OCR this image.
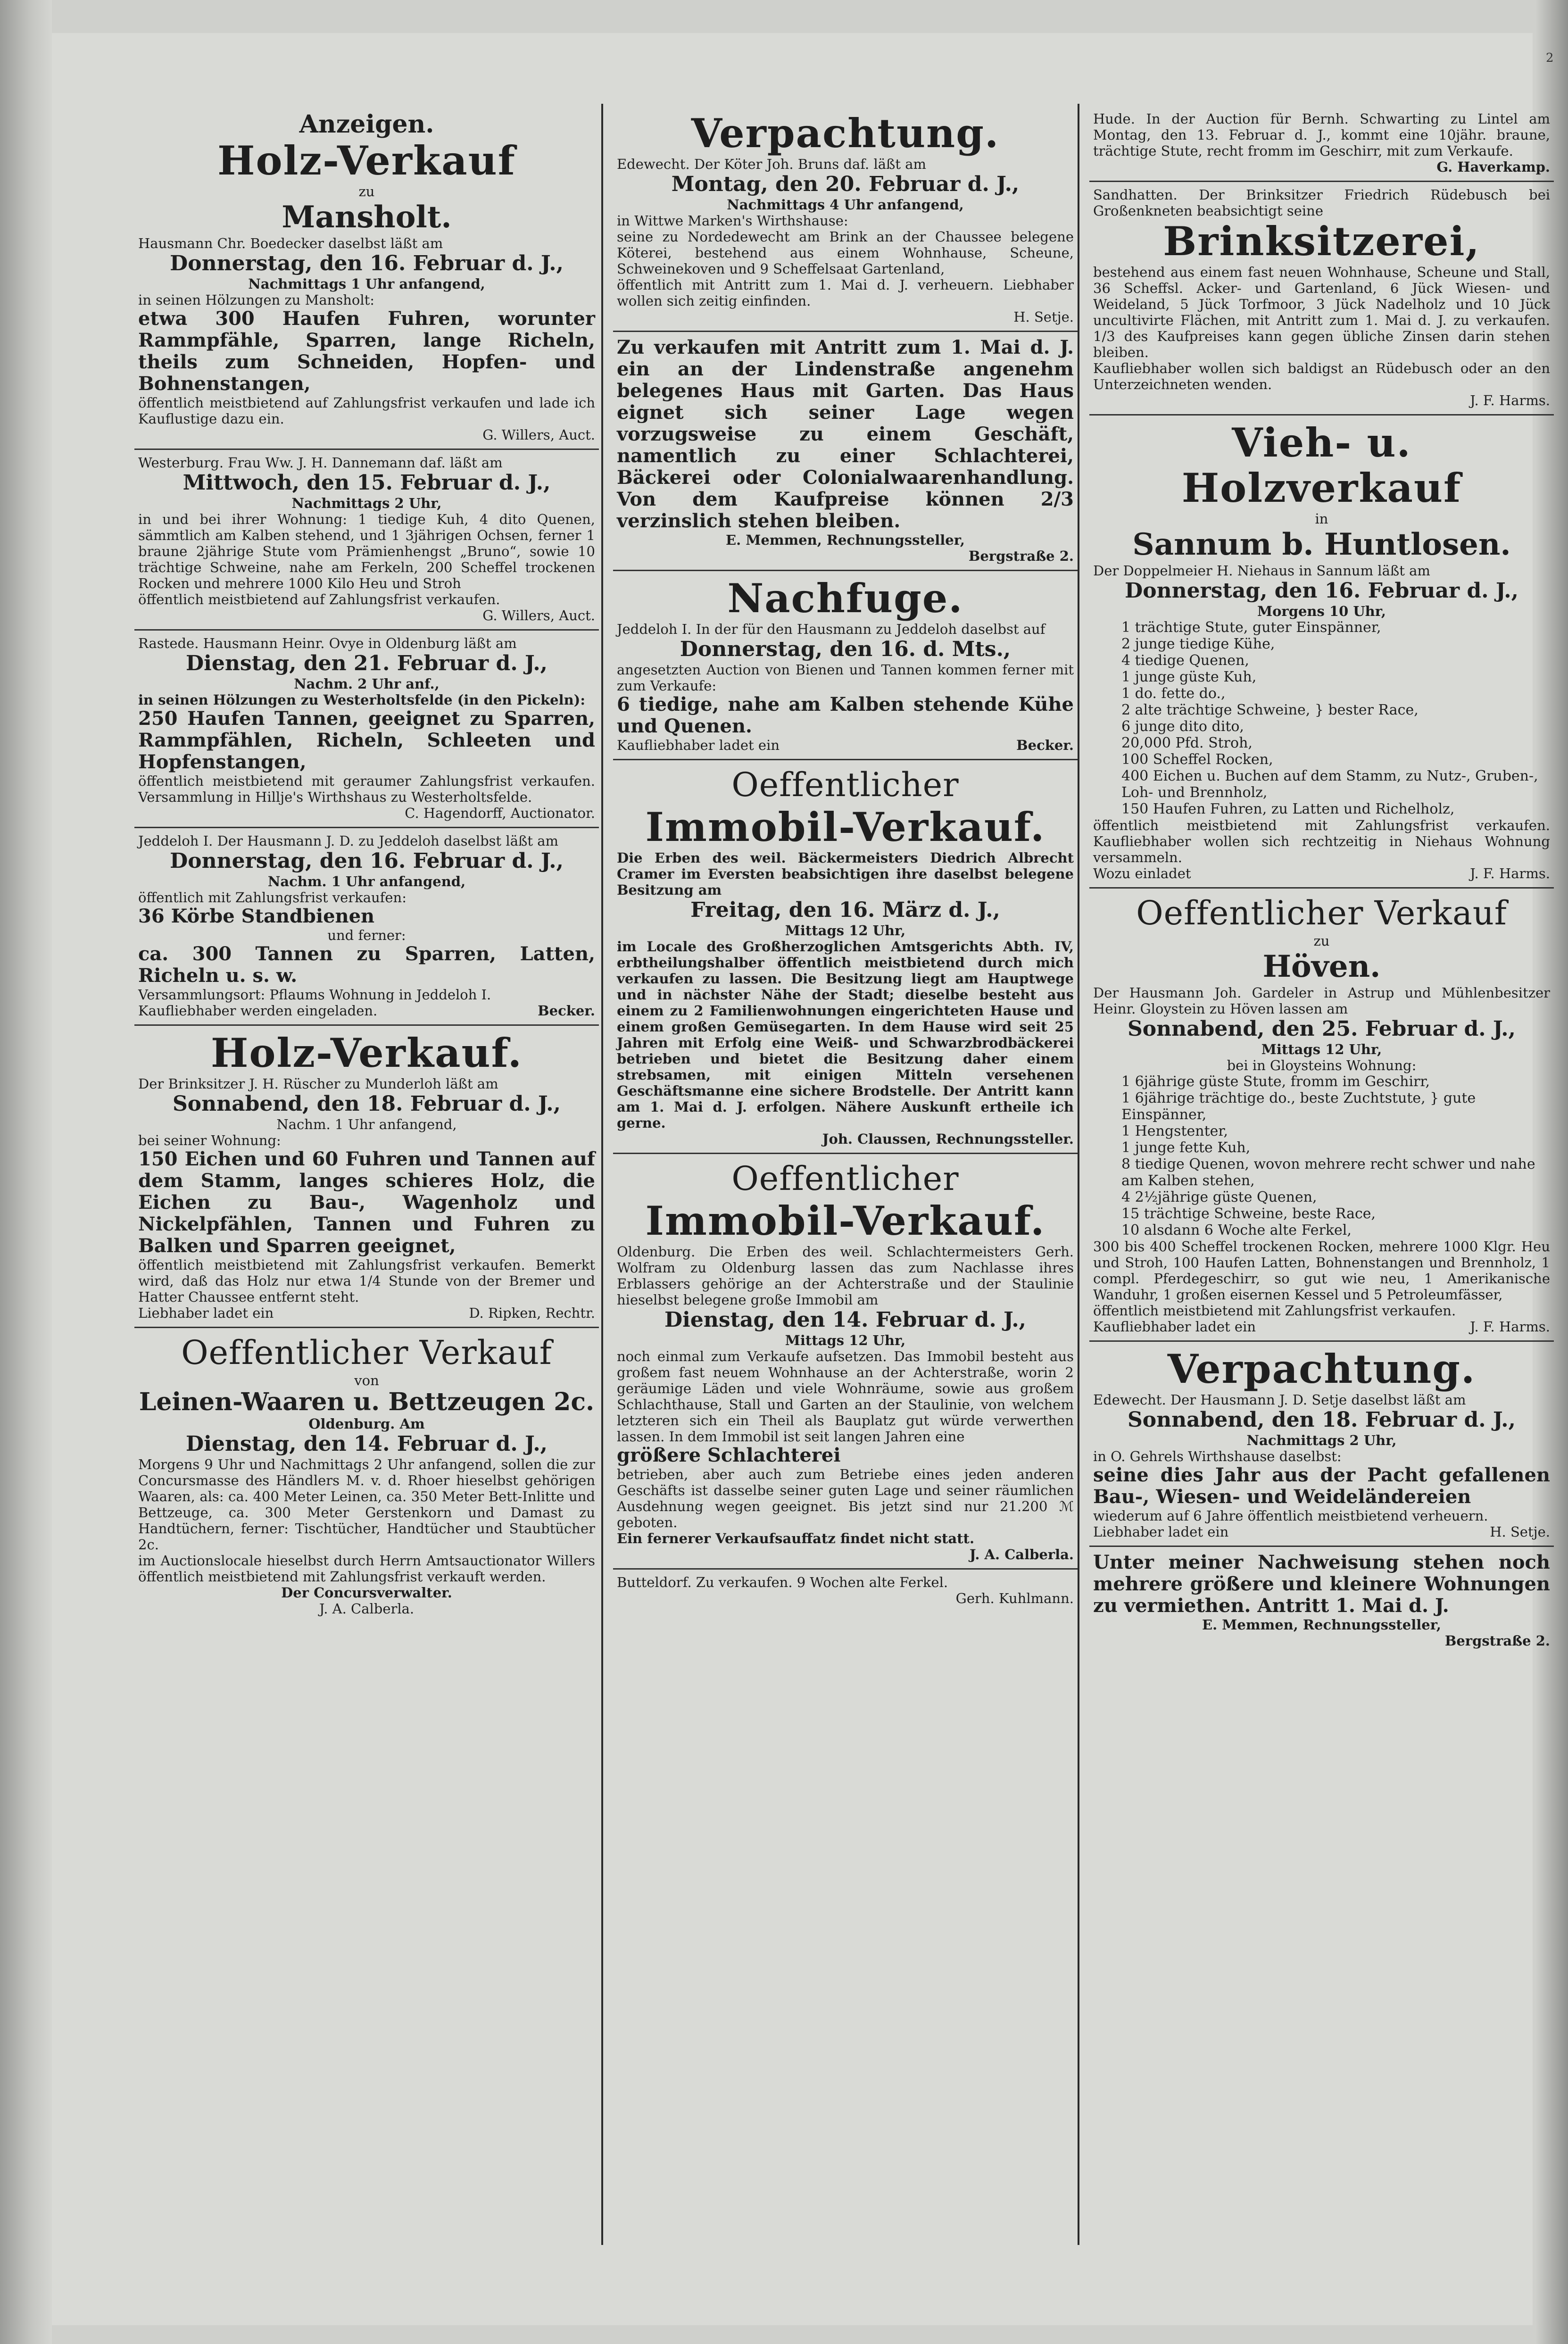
2

Anzeigen.

Holz-Verkauf

zu

Mansholt.

Hausmann Chr. Boedecker daselbst läßt am

Donnerstag, den 16. Februar d. J.,

Nachmittags 1 Uhr anfangend,

in seinen Hölzungen zu Mansholt:

etwa 300 Haufen Fuhren, worunter Rammpfähle, Sparren, lange Richeln, theils zum Schneiden, Hopfen- und Bohnenstangen,

öffentlich meistbietend auf Zahlungsfrist verkaufen und lade ich Kauflustige dazu ein.

G. Willers, Auct.

Westerburg. Frau Ww. J. H. Dannemann daf. läßt am

Mittwoch, den 15. Februar d. J.,

Nachmittags 2 Uhr,

in und bei ihrer Wohnung: 1 tiedige Kuh, 4 dito Quenen, sämmtlich am Kalben stehend, und 1 3jährigen Ochsen, ferner 1 braune 2jährige Stute vom Prämienhengst „Bruno“, sowie 10 trächtige Schweine, nahe am Ferkeln, 200 Scheffel trockenen Rocken und mehrere 1000 Kilo Heu und Stroh

öffentlich meistbietend auf Zahlungsfrist verkaufen.

G. Willers, Auct.

Rastede. Hausmann Heinr. Ovye in Oldenburg läßt am

Dienstag, den 21. Februar d. J.,

Nachm. 2 Uhr anf.,

in seinen Hölzungen zu Westerholtsfelde (in den Pickeln):

250 Haufen Tannen, geeignet zu Sparren, Rammpfählen, Richeln, Schleeten und Hopfenstangen,

öffentlich meistbietend mit geraumer Zahlungsfrist verkaufen. Versammlung in Hillje's Wirthshaus zu Westerholtsfelde.

C. Hagendorff, Auctionator.

Jeddeloh I. Der Hausmann J. D. zu Jeddeloh daselbst läßt am

Donnerstag, den 16. Februar d. J.,

Nachm. 1 Uhr anfangend,

öffentlich mit Zahlungsfrist verkaufen:

36 Körbe Standbienen

und ferner:

ca. 300 Tannen zu Sparren, Latten, Richeln u. s. w.

Versammlungsort: Pflaums Wohnung in Jeddeloh I.

Kaufliebhaber werden eingeladen.	Becker.

Holz-Verkauf.

Der Brinksitzer J. H. Rüscher zu Munderloh läßt am

Sonnabend, den 18. Februar d. J.,

Nachm. 1 Uhr anfangend,

bei seiner Wohnung:

150 Eichen und 60 Fuhren und Tannen auf dem Stamm, langes schieres Holz, die Eichen zu Bau-, Wagenholz und Nickelpfählen, Tannen und Fuhren zu Balken und Sparren geeignet,

öffentlich meistbietend mit Zahlungsfrist verkaufen. Bemerkt wird, daß das Holz nur etwa 1/4 Stunde von der Bremer und Hatter Chaussee entfernt steht.

Liebhaber ladet ein	D. Ripken, Rechtr.

Oeffentlicher Verkauf

von

Leinen-Waaren u. Bettzeugen 2c.

Oldenburg. Am

Dienstag, den 14. Februar d. J.,

Morgens 9 Uhr und Nachmittags 2 Uhr anfangend, sollen die zur Concursmasse des Händlers M. v. d. Rhoer hieselbst gehörigen Waaren, als: ca. 400 Meter Leinen, ca. 350 Meter Bett-Inlitte und Bettzeuge, ca. 300 Meter Gerstenkorn und Damast zu Handtüchern, ferner: Tischtücher, Handtücher und Staubtücher 2c.

im Auctionslocale hieselbst durch Herrn Amtsauctionator Willers öffentlich meistbietend mit Zahlungsfrist verkauft werden.

Der Concursverwalter.

J. A. Calberla.

Verpachtung.

Edewecht. Der Köter Joh. Bruns daf. läßt am

Montag, den 20. Februar d. J.,

Nachmittags 4 Uhr anfangend,

in Wittwe Marken's Wirthshause:

seine zu Nordedewecht am Brink an der Chaussee belegene Köterei, bestehend aus einem Wohnhause, Scheune, Schweinekoven und 9 Scheffelsaat Gartenland,

öffentlich mit Antritt zum 1. Mai d. J. verheuern. Liebhaber wollen sich zeitig einfinden.

H. Setje.

Zu verkaufen mit Antritt zum 1. Mai d. J. ein an der Lindenstraße angenehm belegenes Haus mit Garten. Das Haus eignet sich seiner Lage wegen vorzugsweise zu einem Geschäft, namentlich zu einer Schlachterei, Bäckerei oder Colonialwaarenhandlung. Von dem Kaufpreise können 2/3 verzinslich stehen bleiben.

E. Memmen, Rechnungssteller,

Bergstraße 2.

Nachfuge.

Jeddeloh I. In der für den Hausmann zu Jeddeloh daselbst auf

Donnerstag, den 16. d. Mts.,

angesetzten Auction von Bienen und Tannen kommen ferner mit zum Verkaufe:

6 tiedige, nahe am Kalben stehende Kühe und Quenen.

Kaufliebhaber ladet ein	Becker.

Oeffentlicher

Immobil-Verkauf.

Die Erben des weil. Bäckermeisters Diedrich Albrecht Cramer im Eversten beabsichtigen ihre daselbst belegene Besitzung am

Freitag, den 16. März d. J.,

Mittags 12 Uhr,

im Locale des Großherzoglichen Amtsgerichts Abth. IV, erbtheilungshalber öffentlich meistbietend durch mich verkaufen zu lassen. Die Besitzung liegt am Hauptwege und in nächster Nähe der Stadt; dieselbe besteht aus einem zu 2 Familienwohnungen eingerichteten Hause und einem großen Gemüsegarten. In dem Hause wird seit 25 Jahren mit Erfolg eine Weiß- und Schwarzbrodbäckerei betrieben und bietet die Besitzung daher einem strebsamen, mit einigen Mitteln versehenen Geschäftsmanne eine sichere Brodstelle. Der Antritt kann am 1. Mai d. J. erfolgen. Nähere Auskunft ertheile ich gerne.

Joh. Claussen, Rechnungssteller.

Oeffentlicher

Immobil-Verkauf.

Oldenburg. Die Erben des weil. Schlachtermeisters Gerh. Wolfram zu Oldenburg lassen das zum Nachlasse ihres Erblassers gehörige an der Achterstraße und der Staulinie hieselbst belegene große Immobil am

Dienstag, den 14. Februar d. J.,

Mittags 12 Uhr,

noch einmal zum Verkaufe aufsetzen. Das Immobil besteht aus großem fast neuem Wohnhause an der Achterstraße, worin 2 geräumige Läden und viele Wohnräume, sowie aus großem Schlachthause, Stall und Garten an der Staulinie, von welchem letzteren sich ein Theil als Bauplatz gut würde verwerthen lassen. In dem Immobil ist seit langen Jahren eine

größere Schlachterei

betrieben, aber auch zum Betriebe eines jeden anderen Geschäfts ist dasselbe seiner guten Lage und seiner räumlichen Ausdehnung wegen geeignet. Bis jetzt sind nur 21.200 ℳ geboten.

Ein fernerer Verkaufsauffatz findet nicht statt.

J. A. Calberla.

Butteldorf. Zu verkaufen. 9 Wochen alte Ferkel.

Gerh. Kuhlmann.

Hude. In der Auction für Bernh. Schwarting zu Lintel am Montag, den 13. Februar d. J., kommt eine 10jähr. braune, trächtige Stute, recht fromm im Geschirr, mit zum Verkaufe.

G. Haverkamp.

Sandhatten. Der Brinksitzer Friedrich Rüdebusch bei Großenkneten beabsichtigt seine

Brinksitzerei,

bestehend aus einem fast neuen Wohnhause, Scheune und Stall, 36 Scheffsl. Acker- und Gartenland, 6 Jück Wiesen- und Weideland, 5 Jück Torfmoor, 3 Jück Nadelholz und 10 Jück uncultivirte Flächen, mit Antritt zum 1. Mai d. J. zu verkaufen. 1/3 des Kaufpreises kann gegen übliche Zinsen darin stehen bleiben.

Kaufliebhaber wollen sich baldigst an Rüdebusch oder an den Unterzeichneten wenden.

J. F. Harms.

Vieh- u. Holzverkauf

in

Sannum b. Huntlosen.

Der Doppelmeier H. Niehaus in Sannum läßt am

Donnerstag, den 16. Februar d. J.,

Morgens 10 Uhr,

1 trächtige Stute, guter Einspänner,
2 junge tiedige Kühe,
4 tiedige Quenen,
1 junge güste Kuh,
1 do. fette do.,
2 alte trächtige Schweine, } bester Race,
6 junge dito dito,
20,000 Pfd. Stroh,
100 Scheffel Rocken,
400 Eichen u. Buchen auf dem Stamm, zu Nutz-, Gruben-, Loh- und Brennholz,
150 Haufen Fuhren, zu Latten und Richelholz,

öffentlich meistbietend mit Zahlungsfrist verkaufen. Kaufliebhaber wollen sich rechtzeitig in Niehaus Wohnung versammeln.

Wozu einladet	J. F. Harms.

Oeffentlicher Verkauf

zu

Höven.

Der Hausmann Joh. Gardeler in Astrup und Mühlenbesitzer Heinr. Gloystein zu Höven lassen am

Sonnabend, den 25. Februar d. J.,

Mittags 12 Uhr,

bei in Gloysteins Wohnung:

1 6jährige güste Stute, fromm im Geschirr,
1 6jährige trächtige do., beste Zuchtstute, } gute Einspänner,
1 Hengstenter,
1 junge fette Kuh,
8 tiedige Quenen, wovon mehrere recht schwer und nahe am Kalben stehen,
4 2½jährige güste Quenen,
15 trächtige Schweine, beste Race,
10 alsdann 6 Woche alte Ferkel,

300 bis 400 Scheffel trockenen Rocken, mehrere 1000 Klgr. Heu und Stroh, 100 Haufen Latten, Bohnenstangen und Brennholz, 1 compl. Pferdegeschirr, so gut wie neu, 1 Amerikanische Wanduhr, 1 großen eisernen Kessel und 5 Petroleumfässer,

öffentlich meistbietend mit Zahlungsfrist verkaufen.

Kaufliebhaber ladet ein	J. F. Harms.

Verpachtung.

Edewecht. Der Hausmann J. D. Setje daselbst läßt am

Sonnabend, den 18. Februar d. J.,

Nachmittags 2 Uhr,

in O. Gehrels Wirthshause daselbst:

seine dies Jahr aus der Pacht gefallenen Bau-, Wiesen- und Weideländereien

wiederum auf 6 Jahre öffentlich meistbietend verheuern.

Liebhaber ladet ein	H. Setje.

Unter meiner Nachweisung stehen noch mehrere größere und kleinere Wohnungen zu vermiethen. Antritt 1. Mai d. J.

E. Memmen, Rechnungssteller,

Bergstraße 2.
